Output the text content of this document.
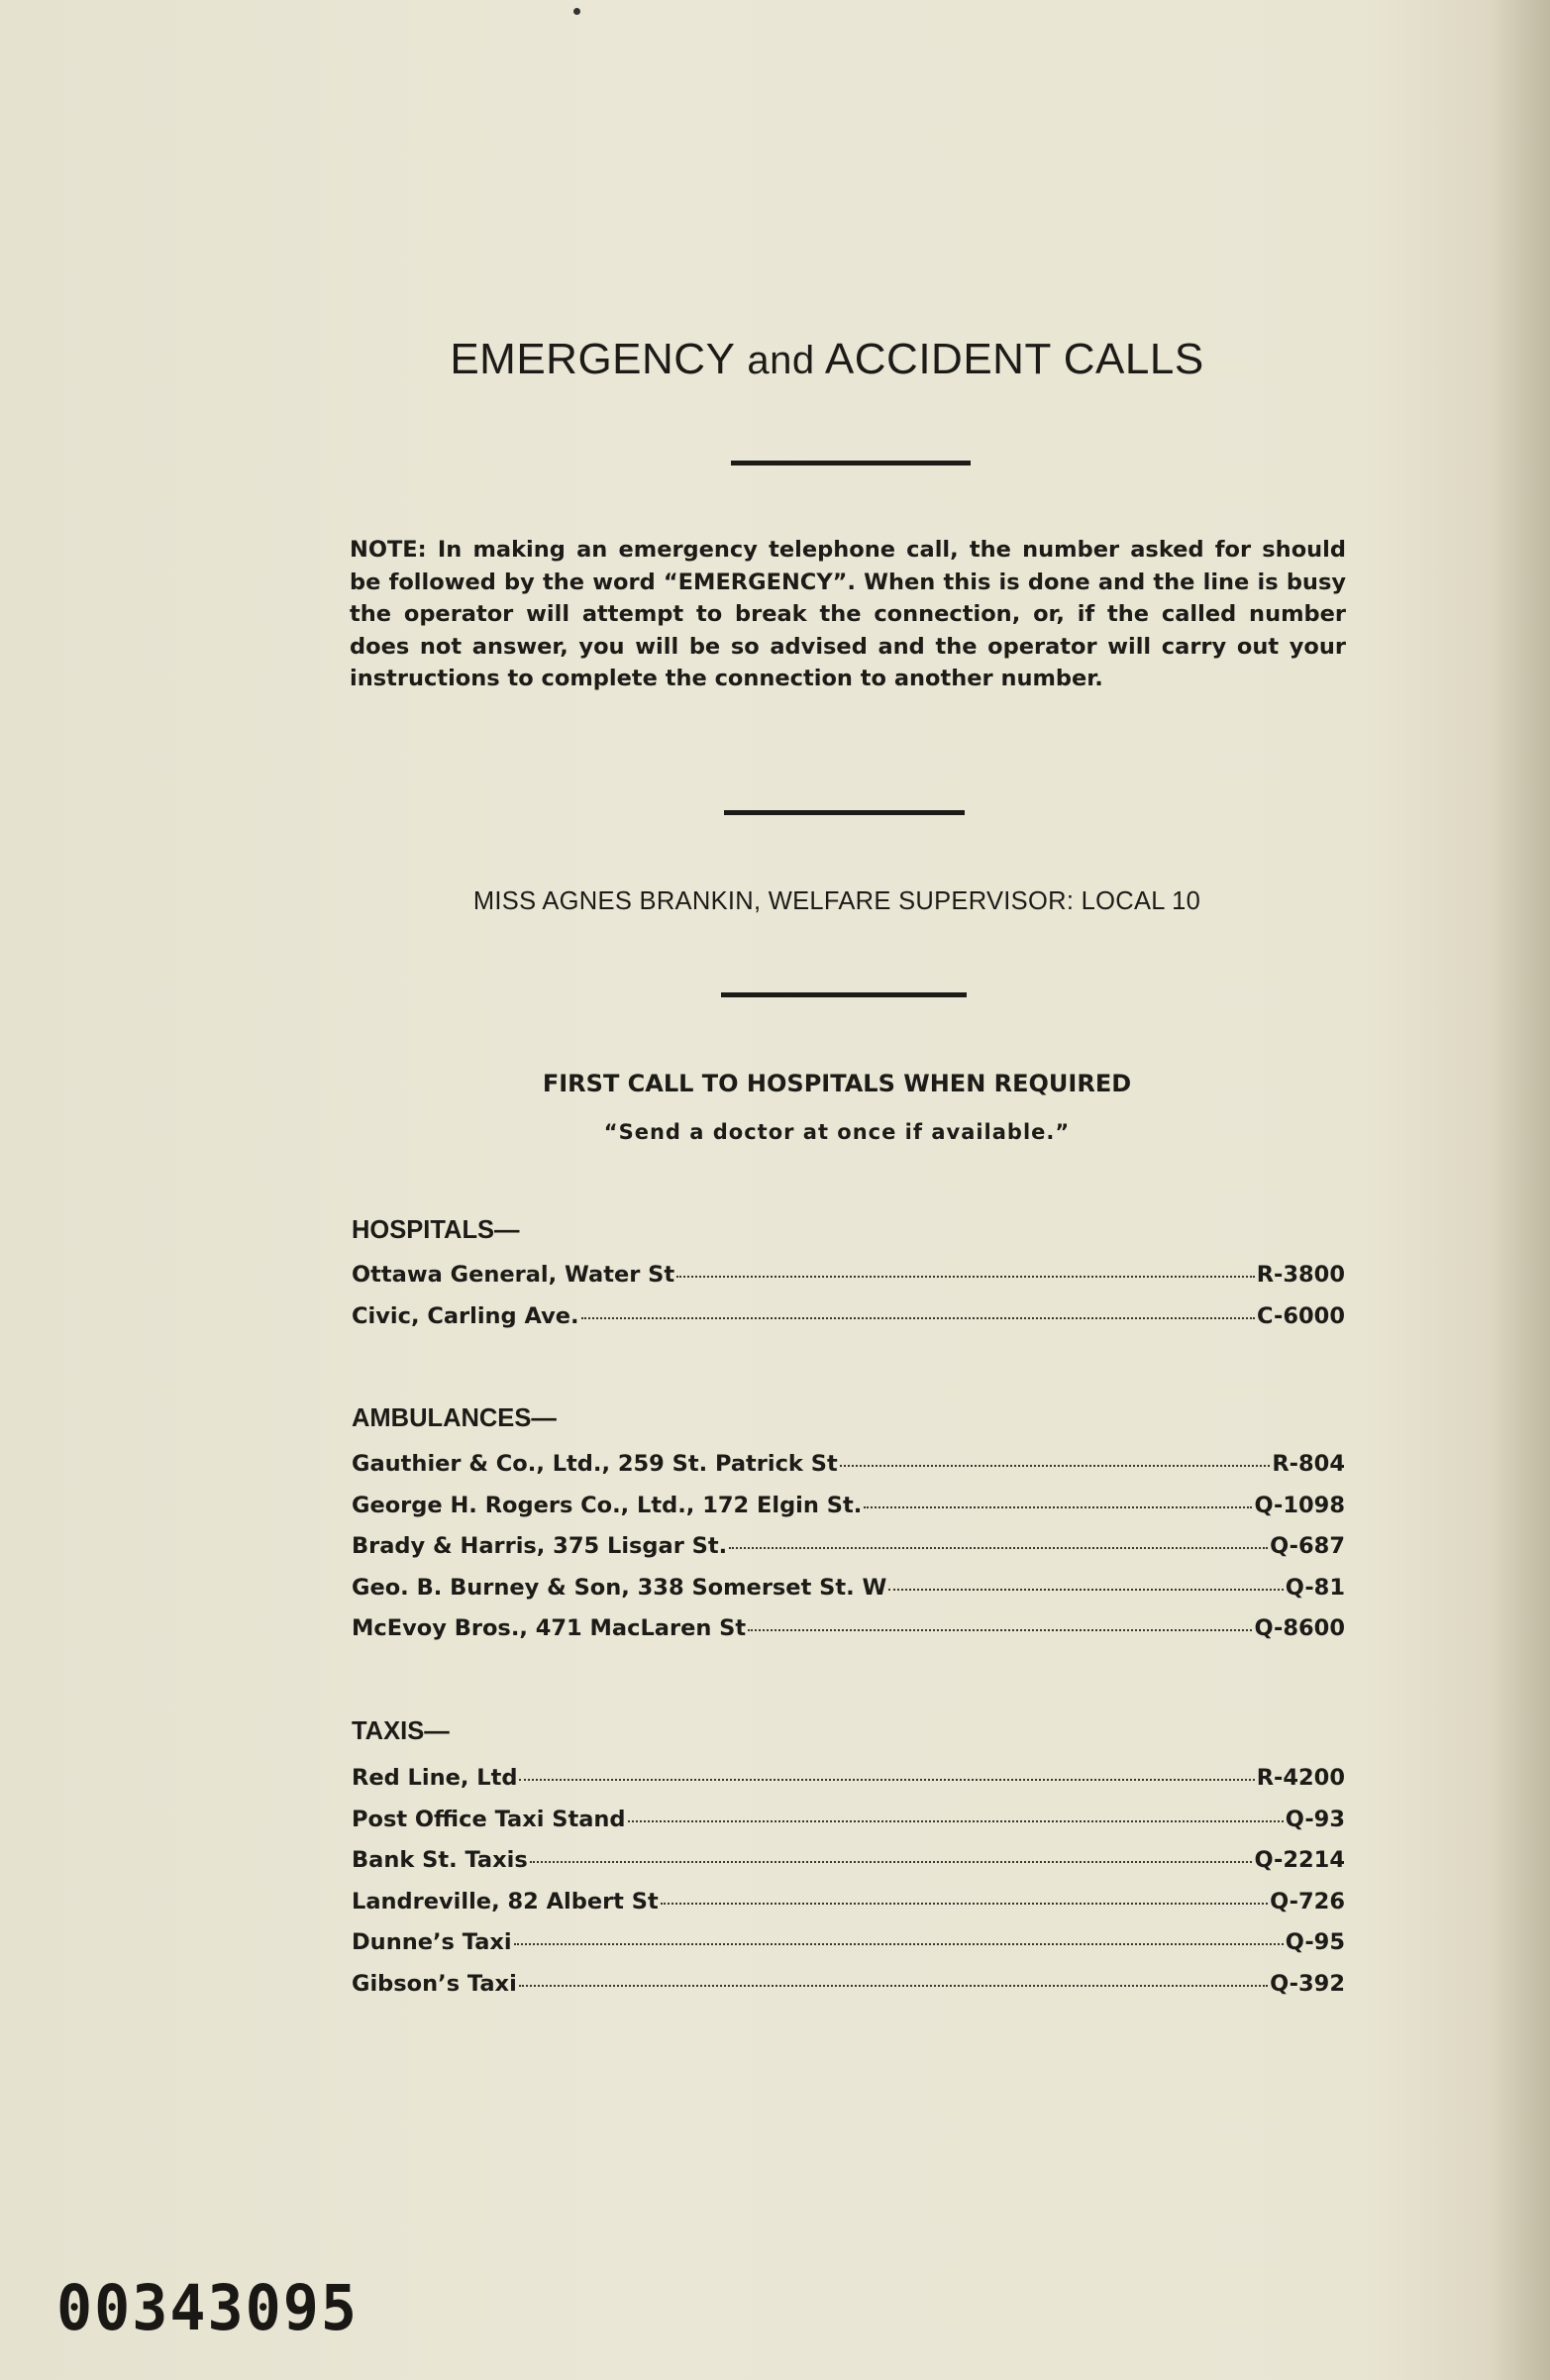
EMERGENCY and ACCIDENT CALLS
NOTE: In making an emergency telephone call, the number asked for should be followed by the word “EMERGENCY”. When this is done and the line is busy the operator will attempt to break the connection, or, if the called number does not answer, you will be so advised and the operator will carry out your instructions to complete the connection to another number.
MISS AGNES BRANKIN, WELFARE SUPERVISOR: LOCAL 10
FIRST CALL TO HOSPITALS WHEN REQUIRED
“Send a doctor at once if available.”
HOSPITALS—
Ottawa General, Water St	R-3800
Civic, Carling Ave.	C-6000
AMBULANCES—
Gauthier & Co., Ltd., 259 St. Patrick St	R-804
George H. Rogers Co., Ltd., 172 Elgin St.	Q-1098
Brady & Harris, 375 Lisgar St.	Q-687
Geo. B. Burney & Son, 338 Somerset St. W	Q-81
McEvoy Bros., 471 MacLaren St	Q-8600
TAXIS—
Red Line, Ltd	R-4200
Post Office Taxi Stand	Q-93
Bank St. Taxis	Q-2214
Landreville, 82 Albert St	Q-726
Dunne’s Taxi	Q-95
Gibson’s Taxi	Q-392
00343095
